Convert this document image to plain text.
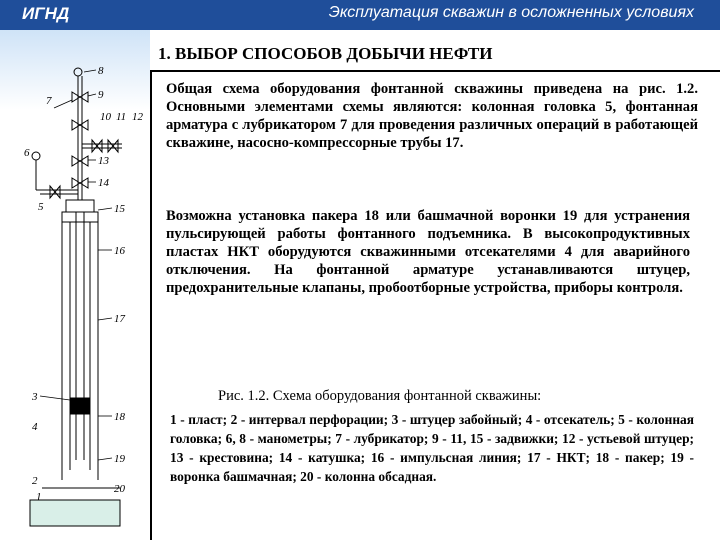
ИГНД	Эксплуатация скважин в осложненных условиях
1. ВЫБОР СПОСОБОВ ДОБЫЧИ НЕФТИ
Общая схема оборудования фонтанной скважины приведена на рис. 1.2. Основными элементами схемы являются: колонная головка 5, фонтанная арматура с лубрикатором 7 для проведения различных операций в работающей скважине, насосно-компрессорные трубы 17.
Возможна установка пакера 18 или башмачной воронки 19 для устранения пульсирующей работы фонтанного подъемника. В высокопродуктивных пластах НКТ оборудуются скважинными отсекателями 4 для аварийного отключения. На фонтанной арматуре устанавливаются штуцер, предохранительные клапаны, пробоотборные устройства, приборы контроля.
Рис. 1.2. Схема оборудования фонтанной скважины:
1 - пласт; 2 - интервал перфорации; 3 - штуцер забойный; 4 - отсекатель; 5 - колонная головка; 6, 8 - манометры; 7 - лубрикатор; 9 - 11, 15 - задвижки; 12 - устьевой штуцер; 13 - крестовина; 14 - катушка; 16 - импульсная линия; 17 - НКТ; 18 - пакер; 19 - воронка башмачная; 20 - колонна обсадная.
8
9
7
10 11 12
13
6
14
15
5
16
17
3
18
4
19
2
20
1
